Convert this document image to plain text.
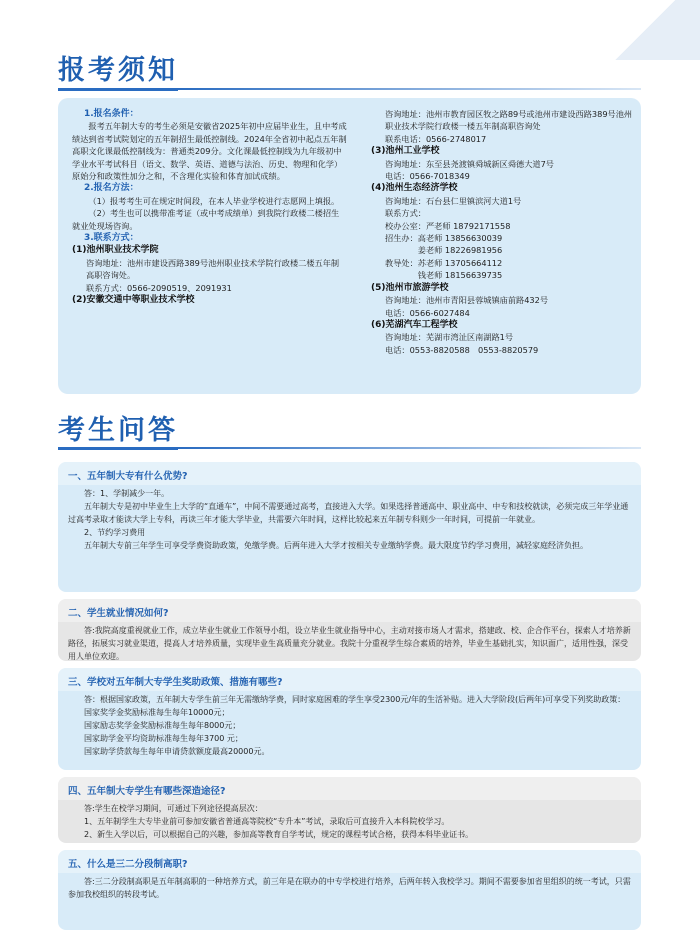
报考须知
1.报名条件：

报考五年制大专的考生必须是安徽省2025年初中应届毕业生，且中考成绩达到省考试院划定的五年制招生最低控制线。2024年全省初中起点五年制高职文化课最低控制线为：普通类209分。文化课最低控制线为九年级初中学业水平考试科目（语文、数学、英语、道德与法治、历史、物理和化学）原始分和政策性加分之和，不含理化实验和体育加试成绩。

2.报名方法：

（1）报考考生可在规定时间段，在本人毕业学校进行志愿网上填报。

（2）考生也可以携带准考证（或中考成绩单）到我院行政楼二楼招生就业处现场咨询。

3.联系方式：
(1)池州职业技术学院
咨询地址：池州市建设西路389号池州职业技术学院行政楼二楼五年制高职咨询处。
联系方式：0566-2090519、2091931
(2)安徽交通中等职业技术学校
咨询地址：池州市教育园区牧之路89号或池州市建设西路389号池州职业技术学院行政楼一楼五年制高职咨询处
联系电话：0566-2748017
(3)池州工业学校
咨询地址：东至县尧渡镇舜城新区舜德大道7号
电话：0566-7018349
(4)池州生态经济学校
咨询地址：石台县仁里镇滨河大道1号
联系方式：
校办公室：严老师 18792171558
招生办：高老师 13856630039
　　　　姜老师 18226981956
教导处：苏老师 13705664112
　　　　钱老师 18156639735
(5)池州市旅游学校
咨询地址：池州市青阳县蓉城镇庙前路432号
电话：0566-6027484
(6)芜湖汽车工程学校
咨询地址：芜湖市湾沚区南湖路1号
电话：0553-8820588　0553-8820579
考生问答
一、五年制大专有什么优势?

答：1、学制减少一年。

五年制大专是初中毕业生上大学的“直通车”，中间不需要通过高考，直接进入大学。如果选择普通高中、职业高中、中专和技校就读，必须完成三年学业通过高考录取才能读大学上专科，再读三年才能大学毕业，共需要六年时间，这样比较起来五年制专科则少一年时间，可提前一年就业。

2、节约学习费用

五年制大专前三年学生可享受学费资助政策，免缴学费。后两年进入大学才按相关专业缴纳学费。最大限度节约学习费用，减轻家庭经济负担。

二、学生就业情况如何?

答:我院高度重视就业工作，成立毕业生就业工作领导小组，设立毕业生就业指导中心，主动对接市场人才需求，搭建政、校、企合作平台，探索人才培养新路径，拓展实习就业渠道，提高人才培养质量，实现毕业生高质量充分就业。我院十分重视学生综合素质的培养，毕业生基础扎实，知识面广，适用性强，深受用人单位欢迎。

三、学校对五年制大专学生奖助政策、措施有哪些?

答：根据国家政策，五年制大专学生前三年无需缴纳学费，同时家庭困难的学生享受2300元/年的生活补贴。进入大学阶段(后两年)可享受下列奖助政策：

国家奖学金奖励标准每生每年10000元；

国家励志奖学金奖励标准每生每年8000元；

国家助学金平均资助标准每生每年3700 元；

国家助学贷款每生每年申请贷款额度最高20000元。

四、五年制大专学生有哪些深造途径?

答:学生在校学习期间，可通过下列途径提高层次：

1、五年制学生大专毕业前可参加安徽省普通高等院校“专升本”考试，录取后可直接升入本科院校学习。

2、新生入学以后，可以根据自己的兴趣，参加高等教育自学考试，规定的课程考试合格，获得本科毕业证书。

五、什么是三二分段制高职?

答:三二分段制高职是五年制高职的一种培养方式，前三年是在联办的中专学校进行培养，后两年转入我校学习。期间不需要参加省里组织的统一考试，只需参加我校组织的转段考试。
